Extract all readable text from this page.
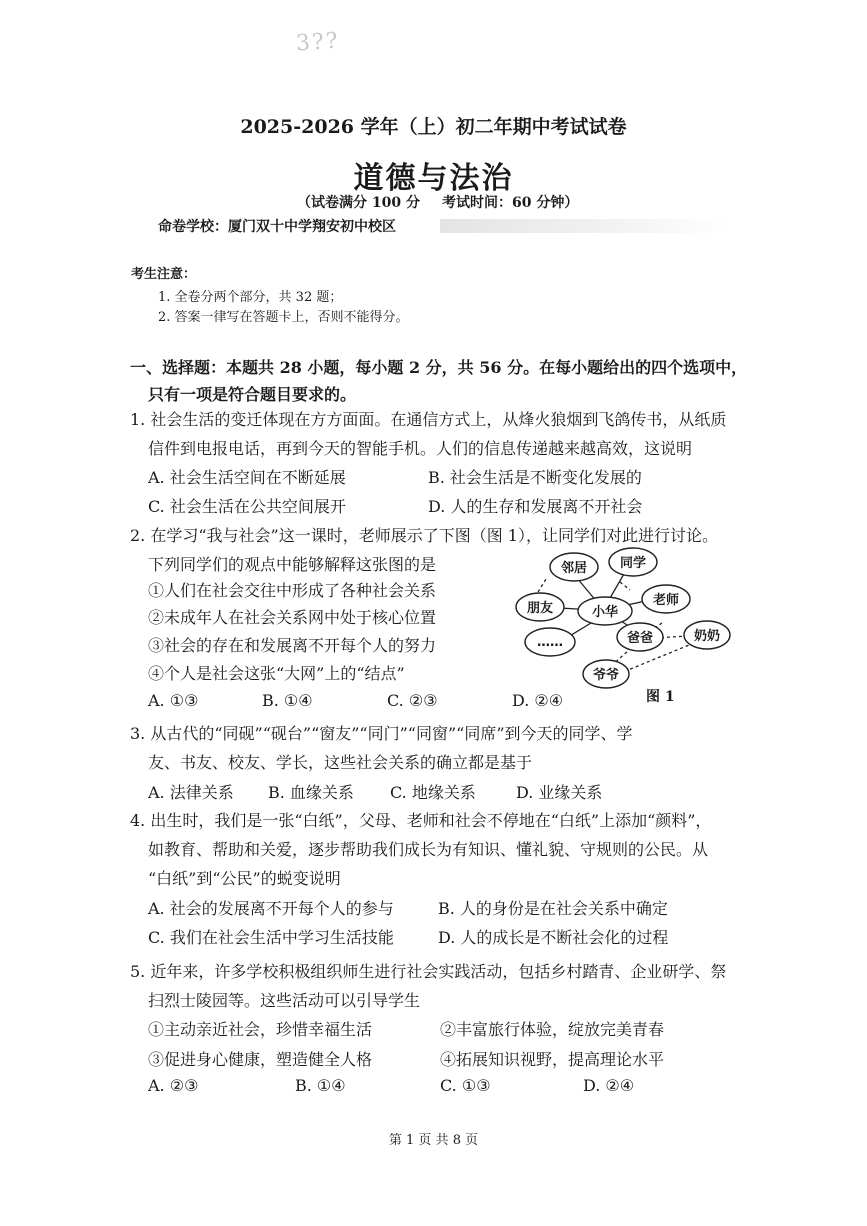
3??
2025-2026 学年（上）初二年期中考试试卷
道德与法治
（试卷满分 100 分 考试时间：60 分钟）
命卷学校：厦门双十中学翔安初中校区
考生注意：
1. 全卷分两个部分，共 32 题；
2. 答案一律写在答题卡上，否则不能得分。
一、选择题：本题共 28 小题，每小题 2 分，共 56 分。在每小题给出的四个选项中，
只有一项是符合题目要求的。
1. 社会生活的变迁体现在方方面面。在通信方式上，从烽火狼烟到飞鸽传书，从纸质
信件到电报电话，再到今天的智能手机。人们的信息传递越来越高效，这说明
A. 社会生活空间在不断延展	B. 社会生活是不断变化发展的
C. 社会生活在公共空间展开	D. 人的生存和发展离不开社会
2. 在学习“我与社会”这一课时，老师展示了下图（图 1），让同学们对此进行讨论。
下列同学们的观点中能够解释这张图的是
①人们在社会交往中形成了各种社会关系
②未成年人在社会关系网中处于核心位置
③社会的存在和发展离不开每个人的努力
④个人是社会这张“大网”上的“结点”
A. ①③	B. ①④	C. ②③	D. ②④
邻居	同学
朋友	小华
老师
……	爸爸	奶奶
爷爷
图 1
3. 从古代的“同砚”“砚台”“窗友”“同门”“同窗”“同席”到今天的同学、学
友、书友、校友、学长，这些社会关系的确立都是基于
A. 法律关系 B. 血缘关系 C. 地缘关系	D. 业缘关系
4. 出生时，我们是一张“白纸”，父母、老师和社会不停地在“白纸”上添加“颜料”，
如教育、帮助和关爱，逐步帮助我们成长为有知识、懂礼貌、守规则的公民。从
“白纸”到“公民”的蜕变说明
A. 社会的发展离不开每个人的参与	B. 人的身份是在社会关系中确定
C. 我们在社会生活中学习生活技能	D. 人的成长是不断社会化的过程
5. 近年来，许多学校积极组织师生进行社会实践活动，包括乡村踏青、企业研学、祭
扫烈士陵园等。这些活动可以引导学生
①主动亲近社会，珍惜幸福生活	②丰富旅行体验，绽放完美青春
③促进身心健康，塑造健全人格	④拓展知识视野，提高理论水平
A. ②③	B. ①④	C. ①③	D. ②④
第 1 页 共 8 页
